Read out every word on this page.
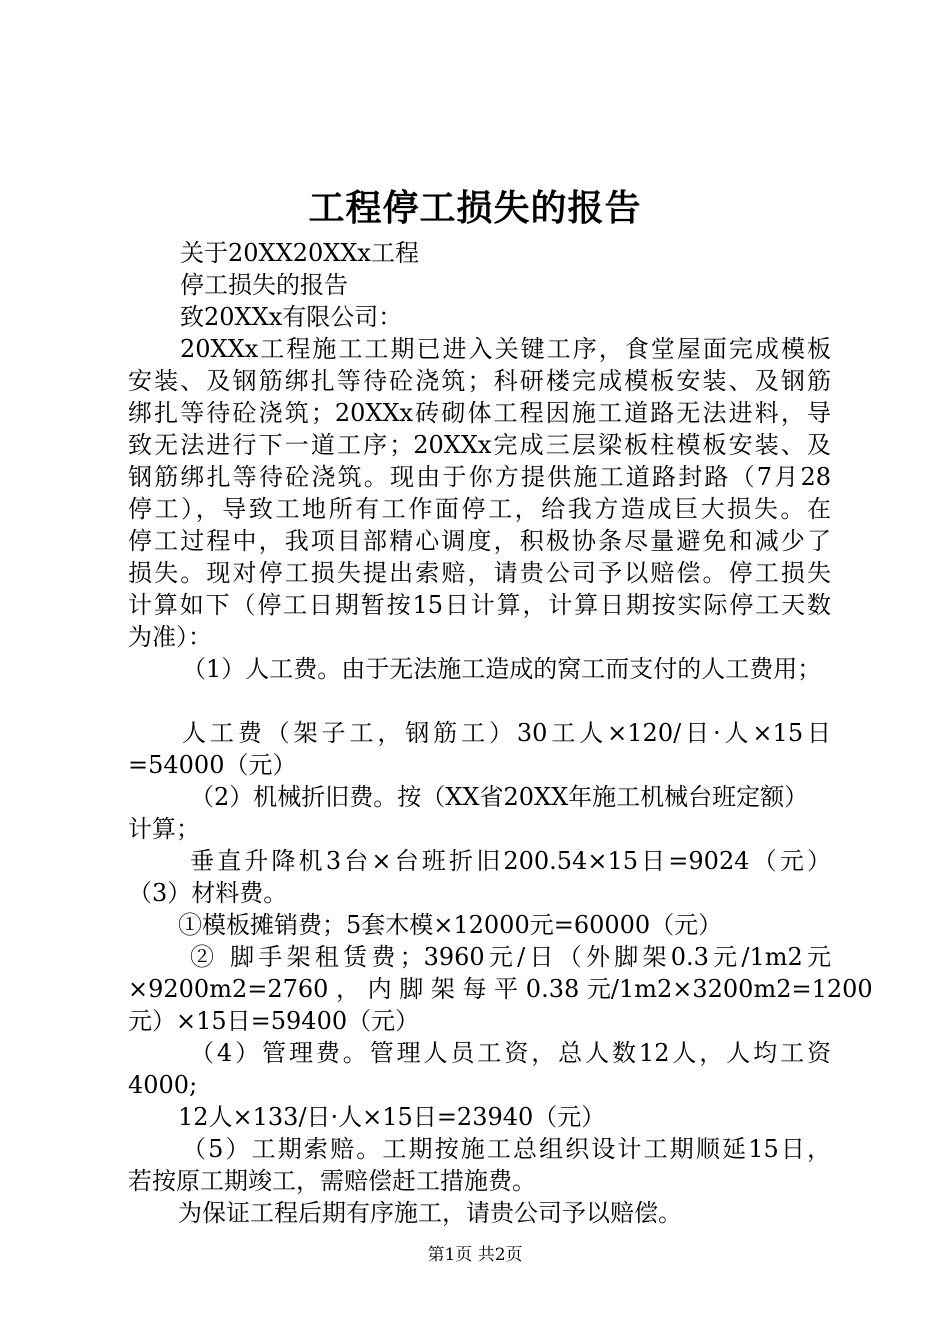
工程停工损失的报告
关于20XX20XXx工程
停工损失的报告
致20XXx有限公司：
20XXx工程施工工期已进入关键工序，食堂屋面完成模板
安装、及钢筋绑扎等待砼浇筑；科研楼完成模板安装、及钢筋
绑扎等待砼浇筑；20XXx砖砌体工程因施工道路无法进料，导
致无法进行下一道工序；20XXx完成三层梁板柱模板安装、及
钢筋绑扎等待砼浇筑。现由于你方提供施工道路封路（7月28
停工），导致工地所有工作面停工，给我方造成巨大损失。在
停工过程中，我项目部精心调度，积极协条尽量避免和减少了
损失。现对停工损失提出索赔，请贵公司予以赔偿。停工损失
计算如下（停工日期暂按15日计算，计算日期按实际停工天数
为准）：
（1）人工费。由于无法施工造成的窝工而支付的人工费用；
人工费（架子工，钢筋工）30工人×120/日·人×15日
=54000（元）
（2）机械折旧费。按（XX省20XX年施工机械台班定额）
计算；
垂直升降机3台×台班折旧200.54×15日=9024（元）
（3）材料费。
①模板摊销费；5套木模×12000元=60000（元）
② 脚手架租赁费；3960元/日（外脚架0.3元/1m2元
×9200m2=2760 ， 内 脚 架 每 平 0.38 元/1m2×3200m2=1200
元）×15日=59400（元）
（4）管理费。管理人员工资，总人数12人，人均工资
4000;
12人×133/日·人×15日=23940（元）
（5）工期索赔。工期按施工总组织设计工期顺延15日，
若按原工期竣工，需赔偿赶工措施费。
为保证工程后期有序施工，请贵公司予以赔偿。
第1页 共2页
